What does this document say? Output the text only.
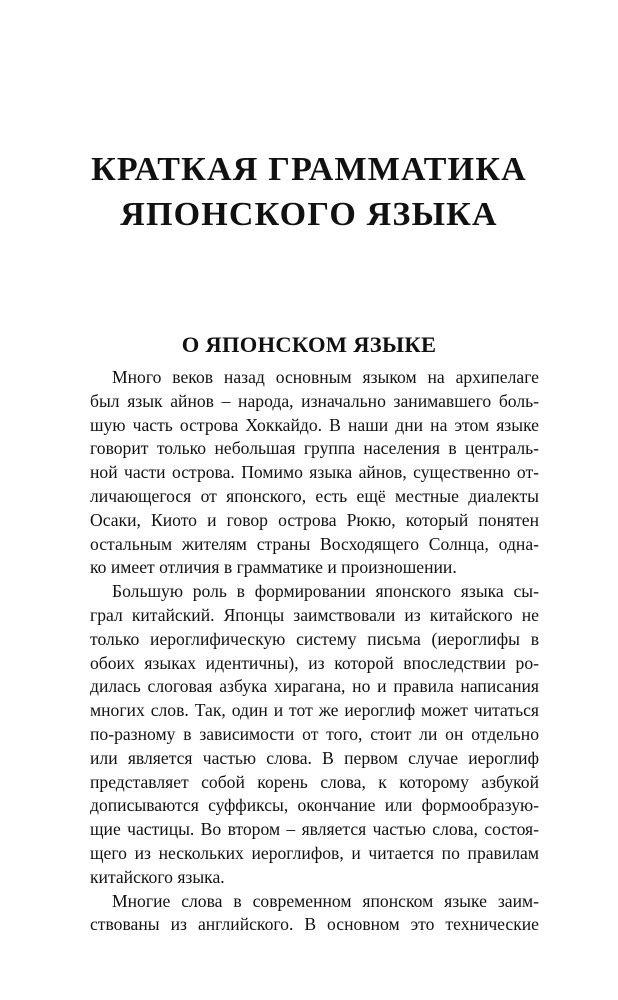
КРАТКАЯ ГРАММАТИКА
ЯПОНСКОГО ЯЗЫКА
О ЯПОНСКОМ ЯЗЫКЕ
Много веков назад основным языком на архипелаге
был язык айнов – народа, изначально занимавшего боль-
шую часть острова Хоккайдо. В наши дни на этом языке
говорит только небольшая группа населения в централь-
ной части острова. Помимо языка айнов, существенно от-
личающегося от японского, есть ещё местные диалекты
Осаки, Киото и говор острова Рюкю, который понятен
остальным жителям страны Восходящего Солнца, однa-
ко имеет отличия в грамматике и произношении.
Большую роль в формировании японского языка сы-
грал китайский. Японцы заимствовали из китайского не
только иероглифическую систему письма (иероглифы в
обоих языках идентичны), из которой впоследствии ро-
дилась слоговая азбука хирагана, но и правила написания
многих слов. Так, один и тот же иероглиф может читаться
по-разному в зависимости от того, стоит ли он отдельно
или является частью слова. В первом случае иероглиф
представляет собой корень слова, к которому азбукой
дописываются суффиксы, окончание или формообразую-
щие частицы. Во втором – является частью слова, состоя-
щего из нескольких иероглифов, и читается по правилам
китайского языка.
Многие слова в современном японском языке заим-
ствованы из английского. В основном это технические
